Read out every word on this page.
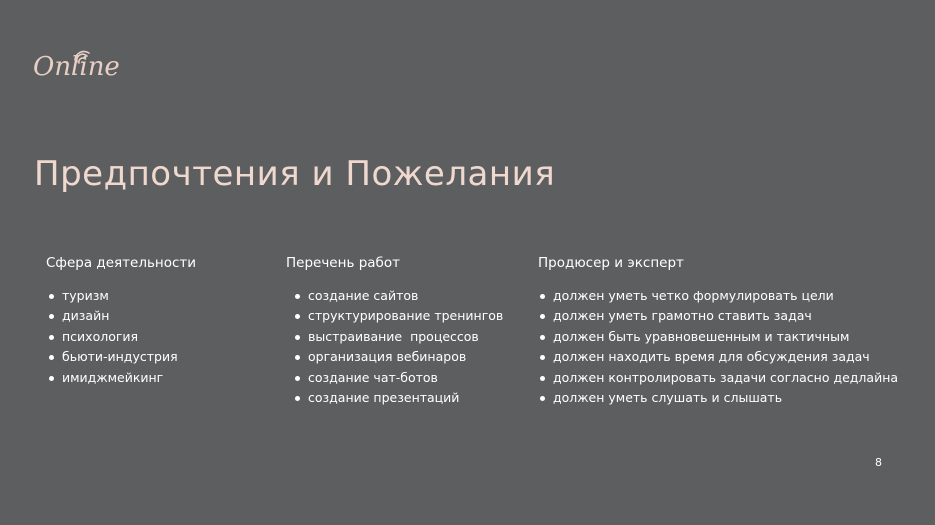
Online
Предпочтения и Пожелания
Сфера деятельности
туризм
дизайн
психология
бьюти-индустрия
имиджмейкинг
Перечень работ
создание сайтов
структурирование тренингов
выстраивание  процессов
организация вебинаров
создание чат-ботов
создание презентаций
Продюсер и эксперт
должен уметь четко формулировать цели
должен уметь грамотно ставить задач
должен быть уравновешенным и тактичным
должен находить время для обсуждения задач
должен контролировать задачи согласно дедлайна
должен уметь слушать и слышать
8
